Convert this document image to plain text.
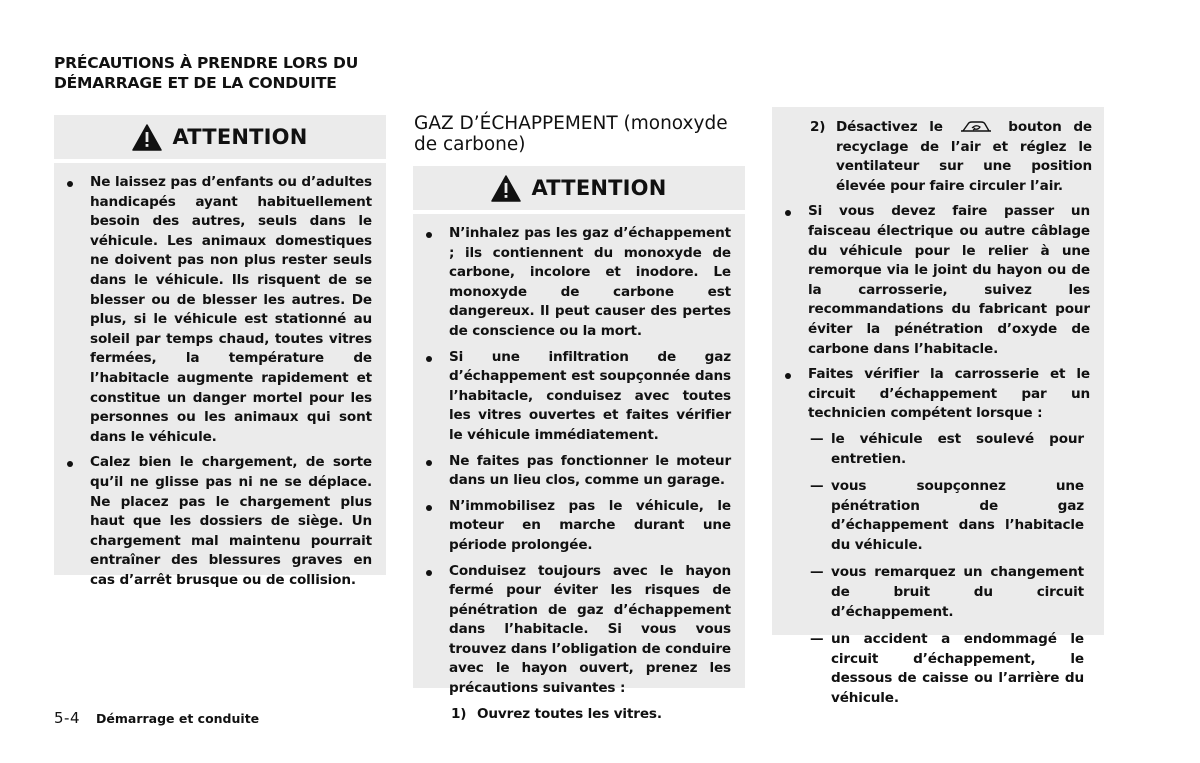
PRÉCAUTIONS À PRENDRE LORS DU
DÉMARRAGE ET DE LA CONDUITE
ATTENTION
Ne laissez pas d’enfants ou d’adultes handicapés ayant habituellement besoin des autres, seuls dans le véhicule. Les animaux domestiques ne doivent pas non plus rester seuls dans le véhicule. Ils risquent de se blesser ou de blesser les autres. De plus, si le véhicule est stationné au soleil par temps chaud, toutes vitres fermées, la température de l’habitacle augmente rapidement et constitue un danger mortel pour les personnes ou les animaux qui sont dans le véhicule.
Calez bien le chargement, de sorte qu’il ne glisse pas ni ne se déplace. Ne placez pas le chargement plus haut que les dossiers de siège. Un chargement mal maintenu pourrait entraîner des blessures graves en cas d’arrêt brusque ou de collision.
GAZ D’ÉCHAPPEMENT (monoxyde de carbone)
ATTENTION
N’inhalez pas les gaz d’échappement ; ils contiennent du monoxyde de carbone, incolore et inodore. Le monoxyde de carbone est dangereux. Il peut causer des pertes de conscience ou la mort.
Si une infiltration de gaz d’échappement est soupçonnée dans l’habitacle, conduisez avec toutes les vitres ouvertes et faites vérifier le véhicule immédiatement.
Ne faites pas fonctionner le moteur dans un lieu clos, comme un garage.
N’immobilisez pas le véhicule, le moteur en marche durant une période prolongée.
Conduisez toujours avec le hayon fermé pour éviter les risques de pénétration de gaz d’échappement dans l’habitacle. Si vous vous trouvez dans l’obligation de conduire avec le hayon ouvert, prenez les précautions suivantes :
1) Ouvrez toutes les vitres.
2) Désactivez le	bouton de recyclage de l’air et réglez le ventilateur sur une position élevée pour faire circuler l’air.
Si vous devez faire passer un faisceau électrique ou autre câblage du véhicule pour le relier à une remorque via le joint du hayon ou de la carrosserie, suivez les recommandations du fabricant pour éviter la pénétration d’oxyde de carbone dans l’habitacle.
Faites vérifier la carrosserie et le circuit d’échappement par un technicien compétent lorsque :
— le véhicule est soulevé pour entretien.
— vous soupçonnez une pénétration de gaz d’échappement dans l’habitacle du véhicule.
— vous remarquez un changement de bruit du circuit d’échappement.
— un accident a endommagé le circuit d’échappement, le dessous de caisse ou l’arrière du véhicule.
5-4 Démarrage et conduite
